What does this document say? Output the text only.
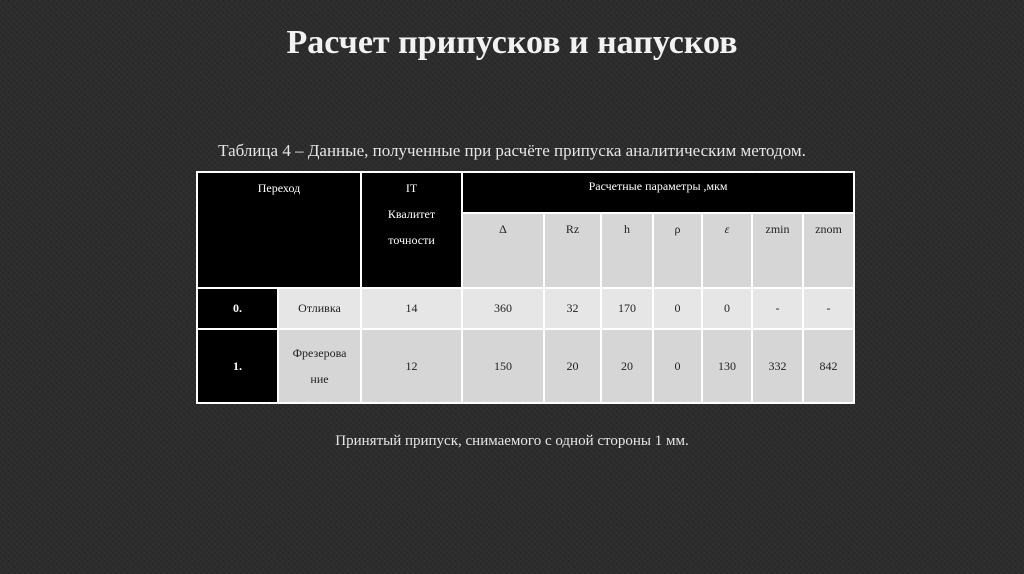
Расчет припусков и напусков
Таблица 4 – Данные, полученные при расчёте припуска аналитическим методом.
Переход		IT
Квалитет
точности	Расчетные параметры ,мкм						
			Δ	Rz	h	ρ	ε	zmin	znom
0.	Отливка	14	360	32	170	0	0	-	-
1.	Фрезерование	12	150	20	20	0	130	332	842
Принятый припуск, снимаемого с одной стороны 1 мм.
